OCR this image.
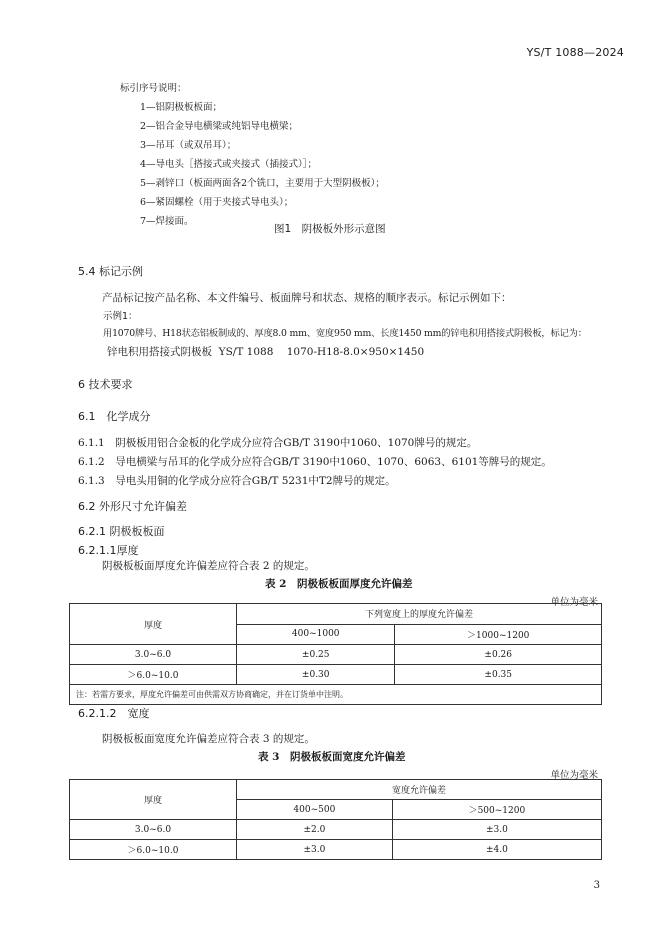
YS/T 1088—2024
标引序号说明：
1—铝阴极板板面；
2—铝合金导电横梁或纯铝导电横梁；
3—吊耳（或双吊耳）；
4—导电头［搭接式或夹接式（插接式）］；
5—剥锌口（板面两面各2个铣口，主要用于大型阴极板）；
6—紧固螺栓（用于夹接式导电头）；
7—焊接面。
图1　阴极板外形示意图
5.4 标记示例
产品标记按产品名称、本文件编号、板面牌号和状态、规格的顺序表示。标记示例如下：
示例1：
用1070牌号、H18状态铝板制成的、厚度8.0 mm、宽度950 mm、长度1450 mm的锌电积用搭接式阴极板，标记为：
锌电积用搭接式阴极板  YS/T 1088    1070-H18-8.0×950×1450
6 技术要求
6.1　化学成分
6.1.1　阴极板用铝合金板的化学成分应符合GB/T 3190中1060、1070牌号的规定。
6.1.2　导电横梁与吊耳的化学成分应符合GB/T 3190中1060、1070、6063、6101等牌号的规定。
6.1.3　导电头用铜的化学成分应符合GB/T 5231中T2牌号的规定。
6.2 外形尺寸允许偏差
6.2.1 阴极板板面
6.2.1.1厚度
阴极板板面厚度允许偏差应符合表 2 的规定。
表 2　阴极板板面厚度允许偏差
单位为毫米
厚度	下列宽度上的厚度允许偏差	
	400~1000	＞1000~1200
3.0~6.0	±0.25	±0.26
＞6.0~10.0	±0.30	±0.35
注：若需方要求，厚度允许偏差可由供需双方协商确定，并在订货单中注明。		
6.2.1.2　宽度
阴极板板面宽度允许偏差应符合表 3 的规定。
表 3　阴极板板面宽度允许偏差
单位为毫米
厚度	宽度允许偏差	
	400~500	＞500~1200
3.0~6.0	±2.0	±3.0
＞6.0~10.0	±3.0	±4.0
3
